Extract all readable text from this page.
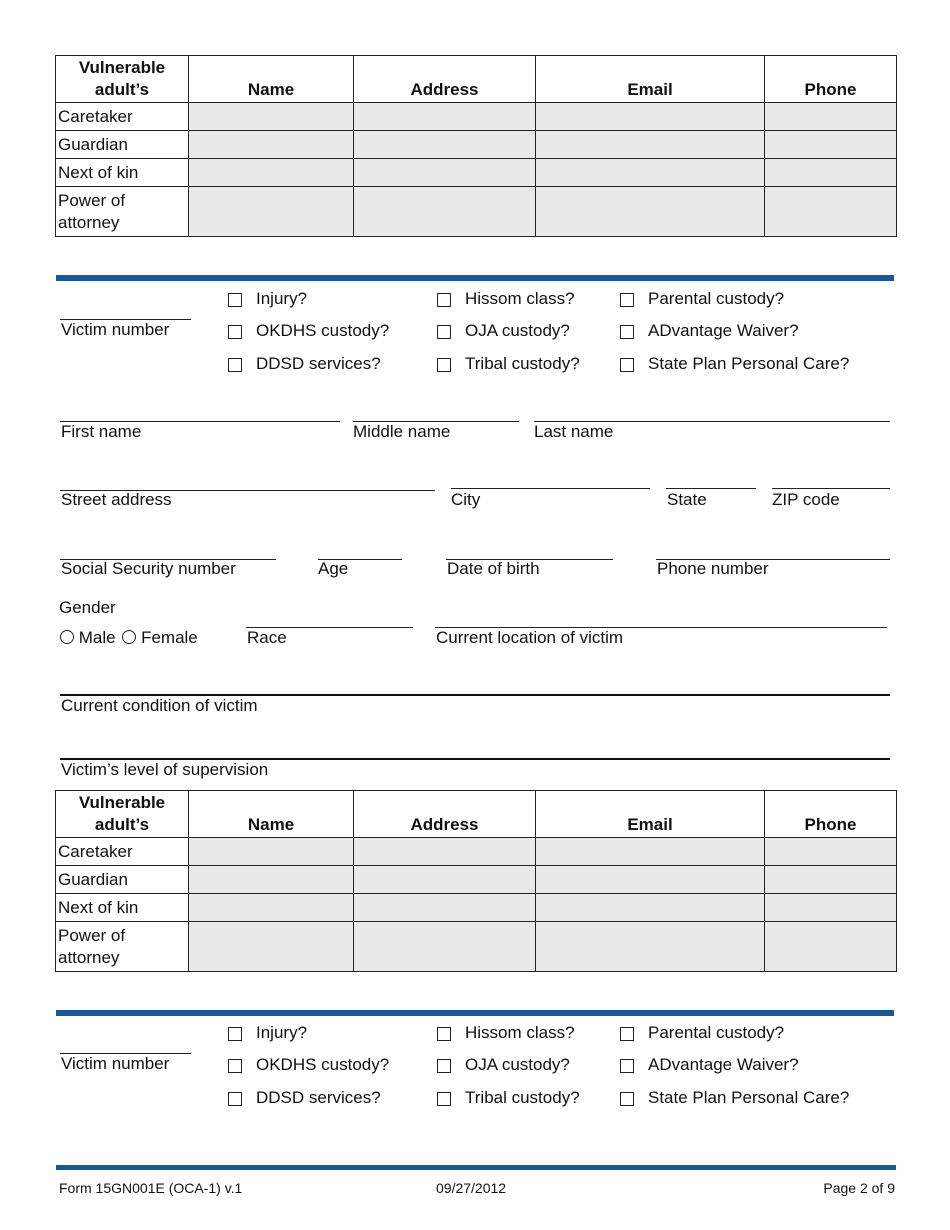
Vulnerable
adult’s	Name	Address	Email	Phone
Caretaker				
Guardian				
Next of kin				
Power of
attorney				
Victim number
Injury?
OKDHS custody?
DDSD services?
Hissom class?
OJA custody?
Tribal custody?
Parental custody?
ADvantage Waiver?
State Plan Personal Care?
First name	Middle name	Last name
Street address	City	State	ZIP code
Social Security number	Age	Date of birth	Phone number
Gender
Male Female	Race	Current location of victim
Current condition of victim
Victim’s level of supervision
Vulnerable
adult’s	Name	Address	Email	Phone
Caretaker				
Guardian				
Next of kin				
Power of
attorney				
Victim number
Injury?
OKDHS custody?
DDSD services?
Hissom class?
OJA custody?
Tribal custody?
Parental custody?
ADvantage Waiver?
State Plan Personal Care?
Form 15GN001E (OCA-1) v.1	09/27/2012	Page 2 of 9
